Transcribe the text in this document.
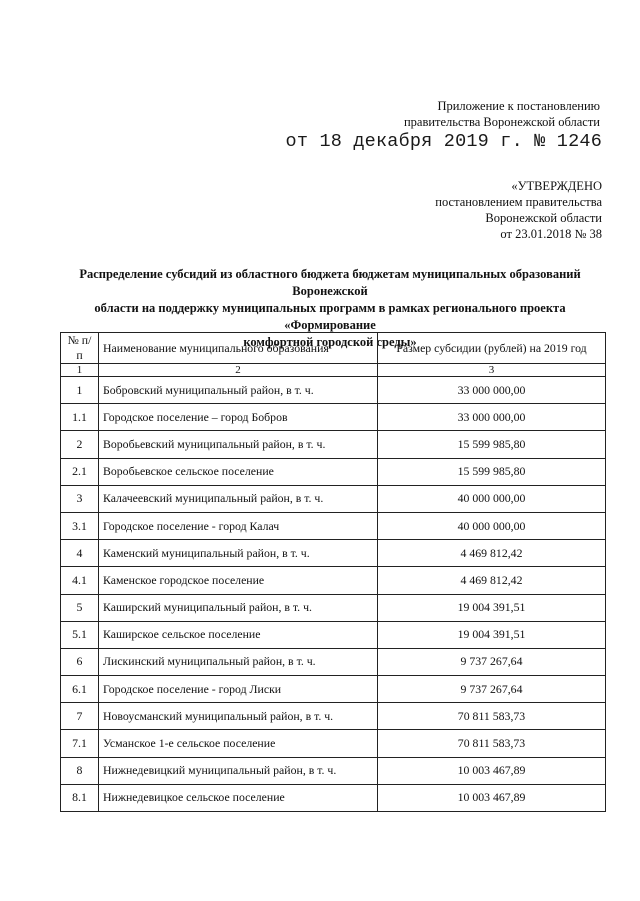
Приложение к постановлению
правительства Воронежской области
от 18 декабря 2019 г. № 1246
«УТВЕРЖДЕНО
постановлением правительства
Воронежской области
от 23.01.2018 № 38
Распределение субсидий из областного бюджета бюджетам муниципальных образований Воронежской
области на поддержку муниципальных программ в рамках регионального проекта «Формирование
комфортной городской среды»
№ п/п	Наименование муниципального образования	Размер субсидии (рублей) на 2019 год
1	2	3
1	Бобровский муниципальный район, в т. ч.	33 000 000,00
1.1	Городское поселение – город Бобров	33 000 000,00
2	Воробьевский муниципальный район, в т. ч.	15 599 985,80
2.1	Воробьевское сельское поселение	15 599 985,80
3	Калачеевский муниципальный район, в т. ч.	40 000 000,00
3.1	Городское поселение - город Калач	40 000 000,00
4	Каменский муниципальный район, в т. ч.	4 469 812,42
4.1	Каменское городское поселение	4 469 812,42
5	Каширский муниципальный район, в т. ч.	19 004 391,51
5.1	Каширское сельское поселение	19 004 391,51
6	Лискинский муниципальный район, в т. ч.	9 737 267,64
6.1	Городское поселение - город Лиски	9 737 267,64
7	Новоусманский муниципальный район, в т. ч.	70 811 583,73
7.1	Усманское 1-е сельское поселение	70 811 583,73
8	Нижнедевицкий муниципальный район, в т. ч.	10 003 467,89
8.1	Нижнедевицкое сельское поселение	10 003 467,89
